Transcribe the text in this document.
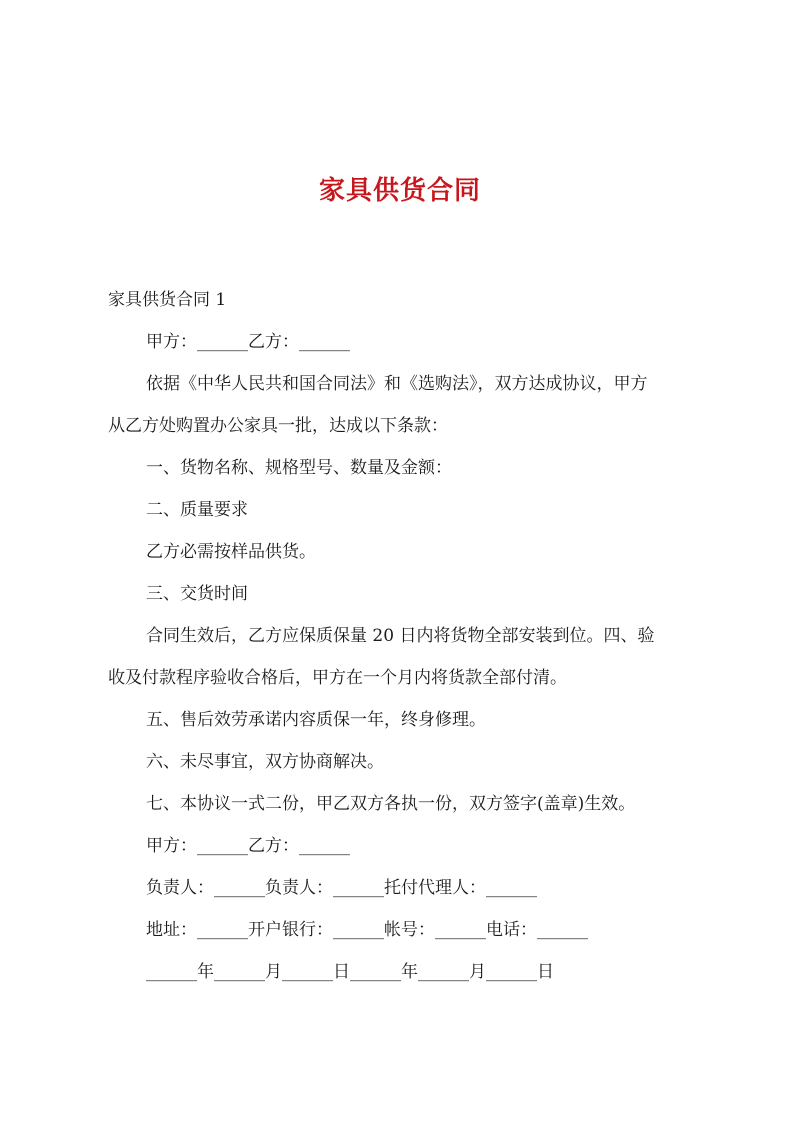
家具供货合同

家具供货合同 1

甲方：______乙方：______

依据《中华人民共和国合同法》和《选购法》，双方达成协议，甲方

从乙方处购置办公家具一批，达成以下条款：

一、货物名称、规格型号、数量及金额：

二、质量要求

乙方必需按样品供货。

三、交货时间

合同生效后，乙方应保质保量 20 日内将货物全部安装到位。四、验

收及付款程序验收合格后，甲方在一个月内将货款全部付清。

五、售后效劳承诺内容质保一年，终身修理。

六、未尽事宜，双方协商解决。

七、本协议一式二份，甲乙双方各执一份，双方签字(盖章)生效。

甲方：______乙方：______

负责人：______负责人：______托付代理人：______

地址：______开户银行：______帐号：______电话：______

______年______月______日______年______月______日
